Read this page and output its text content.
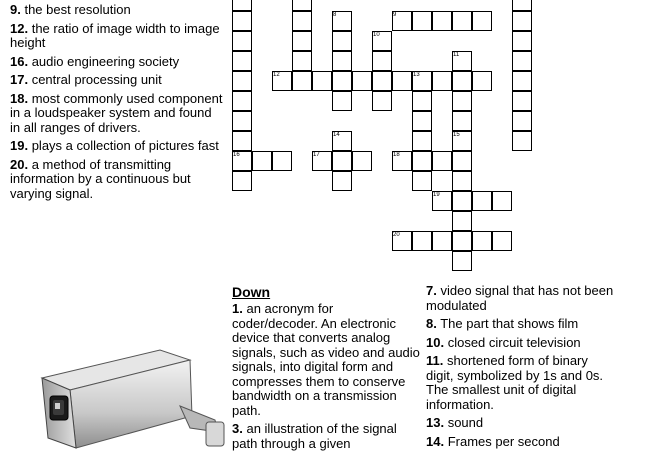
8	9
10
11
12	13
14	15
16	17	18
19
20

9. the best resolution

12. the ratio of image width to image height

16. audio engineering society

17. central processing unit

18. most commonly used component in a loudspeaker system and found in all ranges of drivers.

19. plays a collection of pictures fast

20. a method of transmitting information by a continuous but varying signal.

Down

1. an acronym for coder/decoder. An electronic device that converts analog signals, such as video and audio signals, into digital form and compresses them to conserve bandwidth on a transmission path.

3. an illustration of the signal path through a given

7. video signal that has not been modulated

8. The part that shows film

10. closed circuit television

11. shortened form of binary digit, symbolized by 1s and 0s. The smallest unit of digital information.

13. sound

14. Frames per second
